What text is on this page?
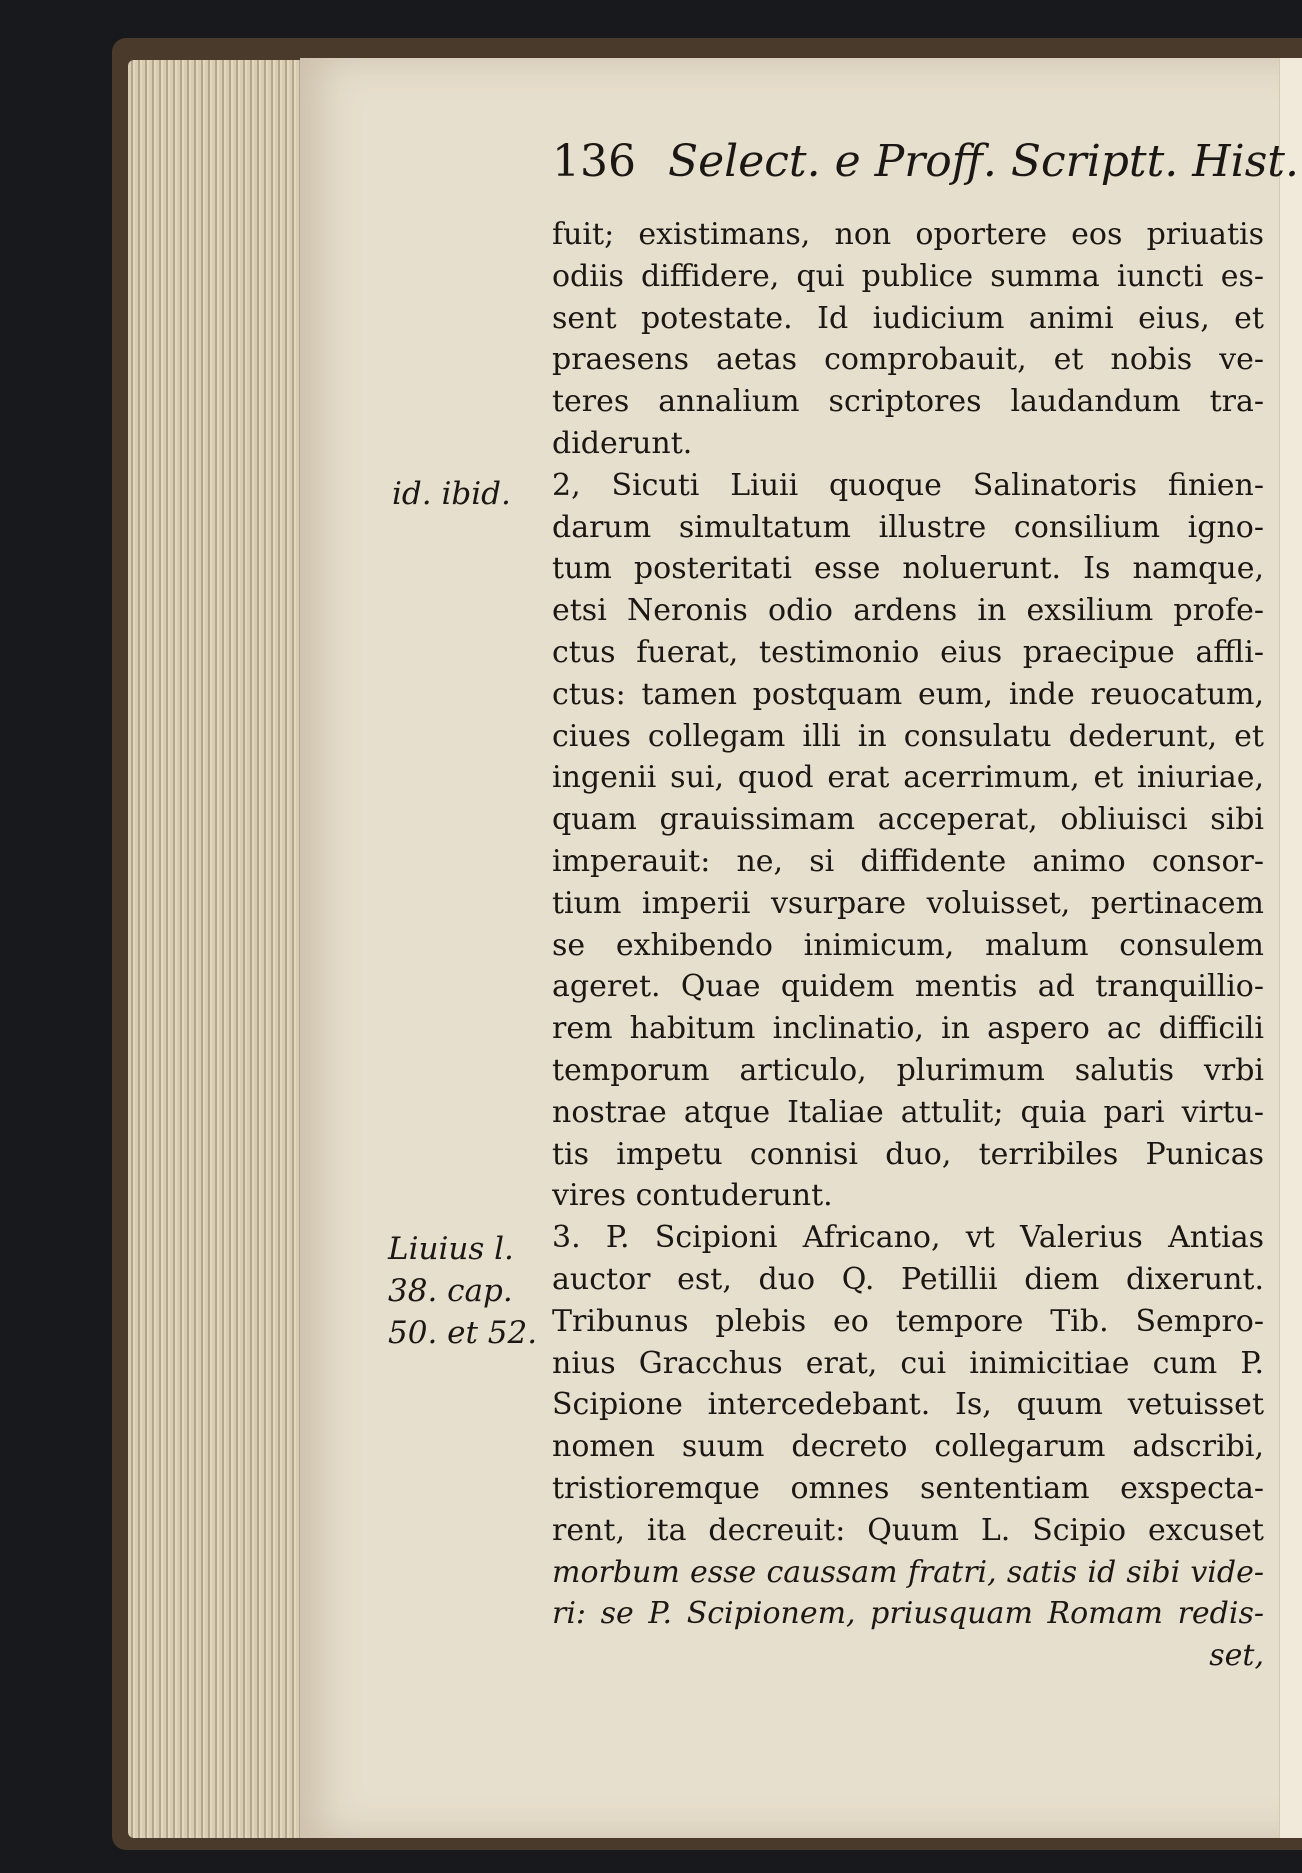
136 Select. e Proff. Scriptt. Hist.
id. ibid.
Liuius l.
38. cap.
50. et 52.
fuit; existimans, non oportere eos priuatis
odiis diffidere, qui publice summa iuncti es-
sent potestate. Id iudicium animi eius, et
praesens aetas comprobauit, et nobis ve-
teres annalium scriptores laudandum tra-
diderunt.
2, Sicuti Liuii quoque Salinatoris finien-
darum simultatum illustre consilium igno-
tum posteritati esse noluerunt. Is namque,
etsi Neronis odio ardens in exsilium profe-
ctus fuerat, testimonio eius praecipue affli-
ctus: tamen postquam eum, inde reuocatum,
ciues collegam illi in consulatu dederunt, et
ingenii sui, quod erat acerrimum, et iniuriae,
quam grauissimam acceperat, obliuisci sibi
imperauit: ne, si diffidente animo consor-
tium imperii vsurpare voluisset, pertinacem
se exhibendo inimicum, malum consulem
ageret. Quae quidem mentis ad tranquillio-
rem habitum inclinatio, in aspero ac difficili
temporum articulo, plurimum salutis vrbi
nostrae atque Italiae attulit; quia pari virtu-
tis impetu connisi duo, terribiles Punicas
vires contuderunt.
3. P. Scipioni Africano, vt Valerius Antias
auctor est, duo Q. Petillii diem dixerunt.
Tribunus plebis eo tempore Tib. Sempro-
nius Gracchus erat, cui inimicitiae cum P.
Scipione intercedebant. Is, quum vetuisset
nomen suum decreto collegarum adscribi,
tristioremque omnes sententiam exspecta-
rent, ita decreuit: Quum L. Scipio excuset
morbum esse caussam fratri, satis id sibi vide-
ri: se P. Scipionem, priusquam Romam redis-
set,
